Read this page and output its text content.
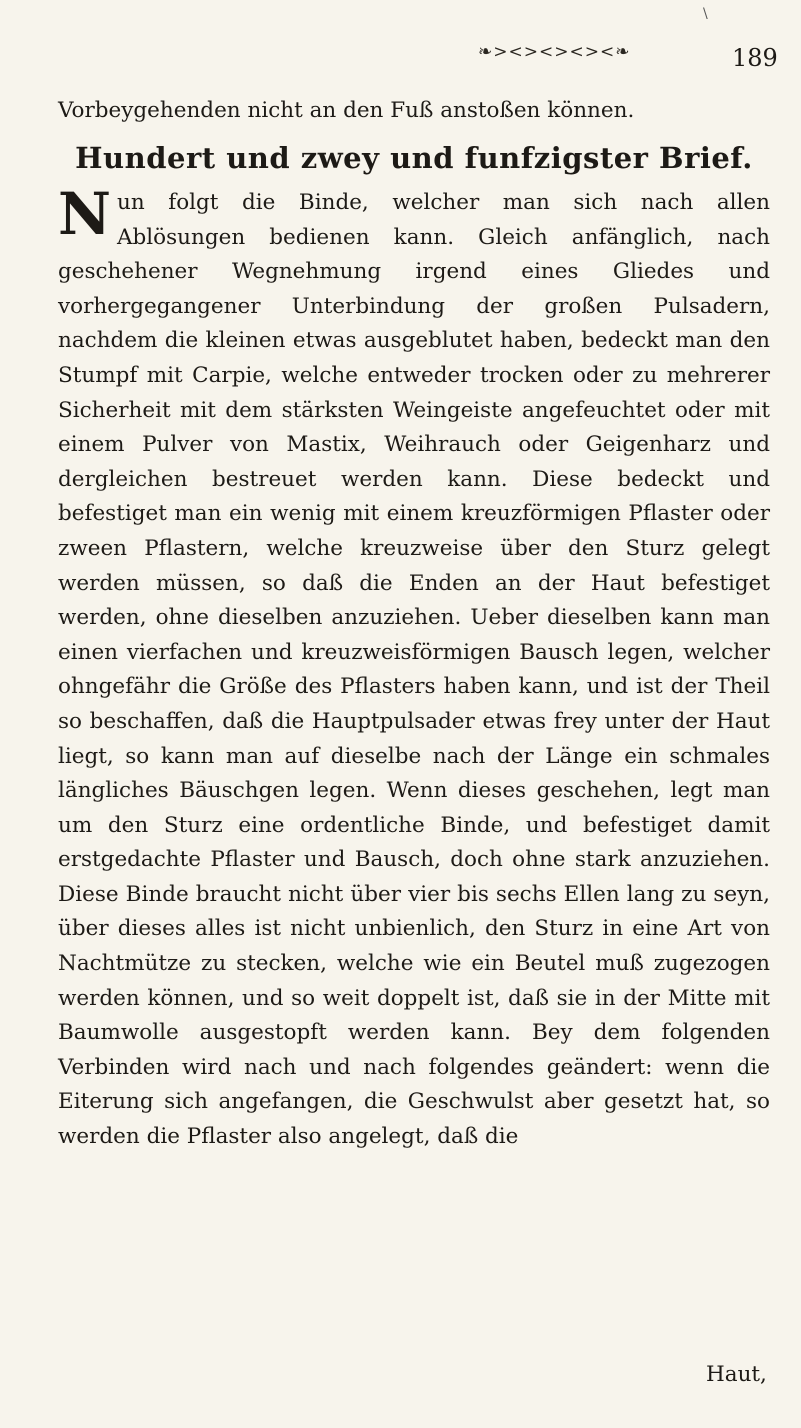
\
❧><><><><❧	189

Vorbeygehenden nicht an den Fuß anstoßen können.

Hundert und zwey und funfzigster Brief.

Nun folgt die Binde, welcher man sich nach allen Ablösungen bedienen kann. Gleich anfänglich, nach geschehener Wegnehmung irgend eines Gliedes und vorhergegangener Unterbindung der großen Pulsadern, nachdem die kleinen etwas ausgeblutet haben, bedeckt man den Stumpf mit Carpie, welche entweder trocken oder zu mehrerer Sicherheit mit dem stärksten Weingeiste angefeuchtet oder mit einem Pulver von Mastix, Weihrauch oder Geigenharz und dergleichen bestreuet werden kann. Diese bedeckt und befestiget man ein wenig mit einem kreuzförmigen Pflaster oder zween Pflastern, welche kreuzweise über den Sturz gelegt werden müssen, so daß die Enden an der Haut befestiget werden, ohne dieselben anzuziehen. Ueber dieselben kann man einen vierfachen und kreuzweisförmigen Bausch legen, welcher ohngefähr die Größe des Pflasters haben kann, und ist der Theil so beschaffen, daß die Hauptpulsader etwas frey unter der Haut liegt, so kann man auf dieselbe nach der Länge ein schmales längliches Bäuschgen legen. Wenn dieses geschehen, legt man um den Sturz eine ordentliche Binde, und befestiget damit erstgedachte Pflaster und Bausch, doch ohne stark anzuziehen. Diese Binde braucht nicht über vier bis sechs Ellen lang zu seyn, über dieses alles ist nicht unbienlich, den Sturz in eine Art von Nachtmütze zu stecken, welche wie ein Beutel muß zugezogen werden können, und so weit doppelt ist, daß sie in der Mitte mit Baumwolle ausgestopft werden kann. Bey dem folgenden Verbinden wird nach und nach folgendes geändert: wenn die Eiterung sich angefangen, die Geschwulst aber gesetzt hat, so werden die Pflaster also angelegt, daß die

Haut,
